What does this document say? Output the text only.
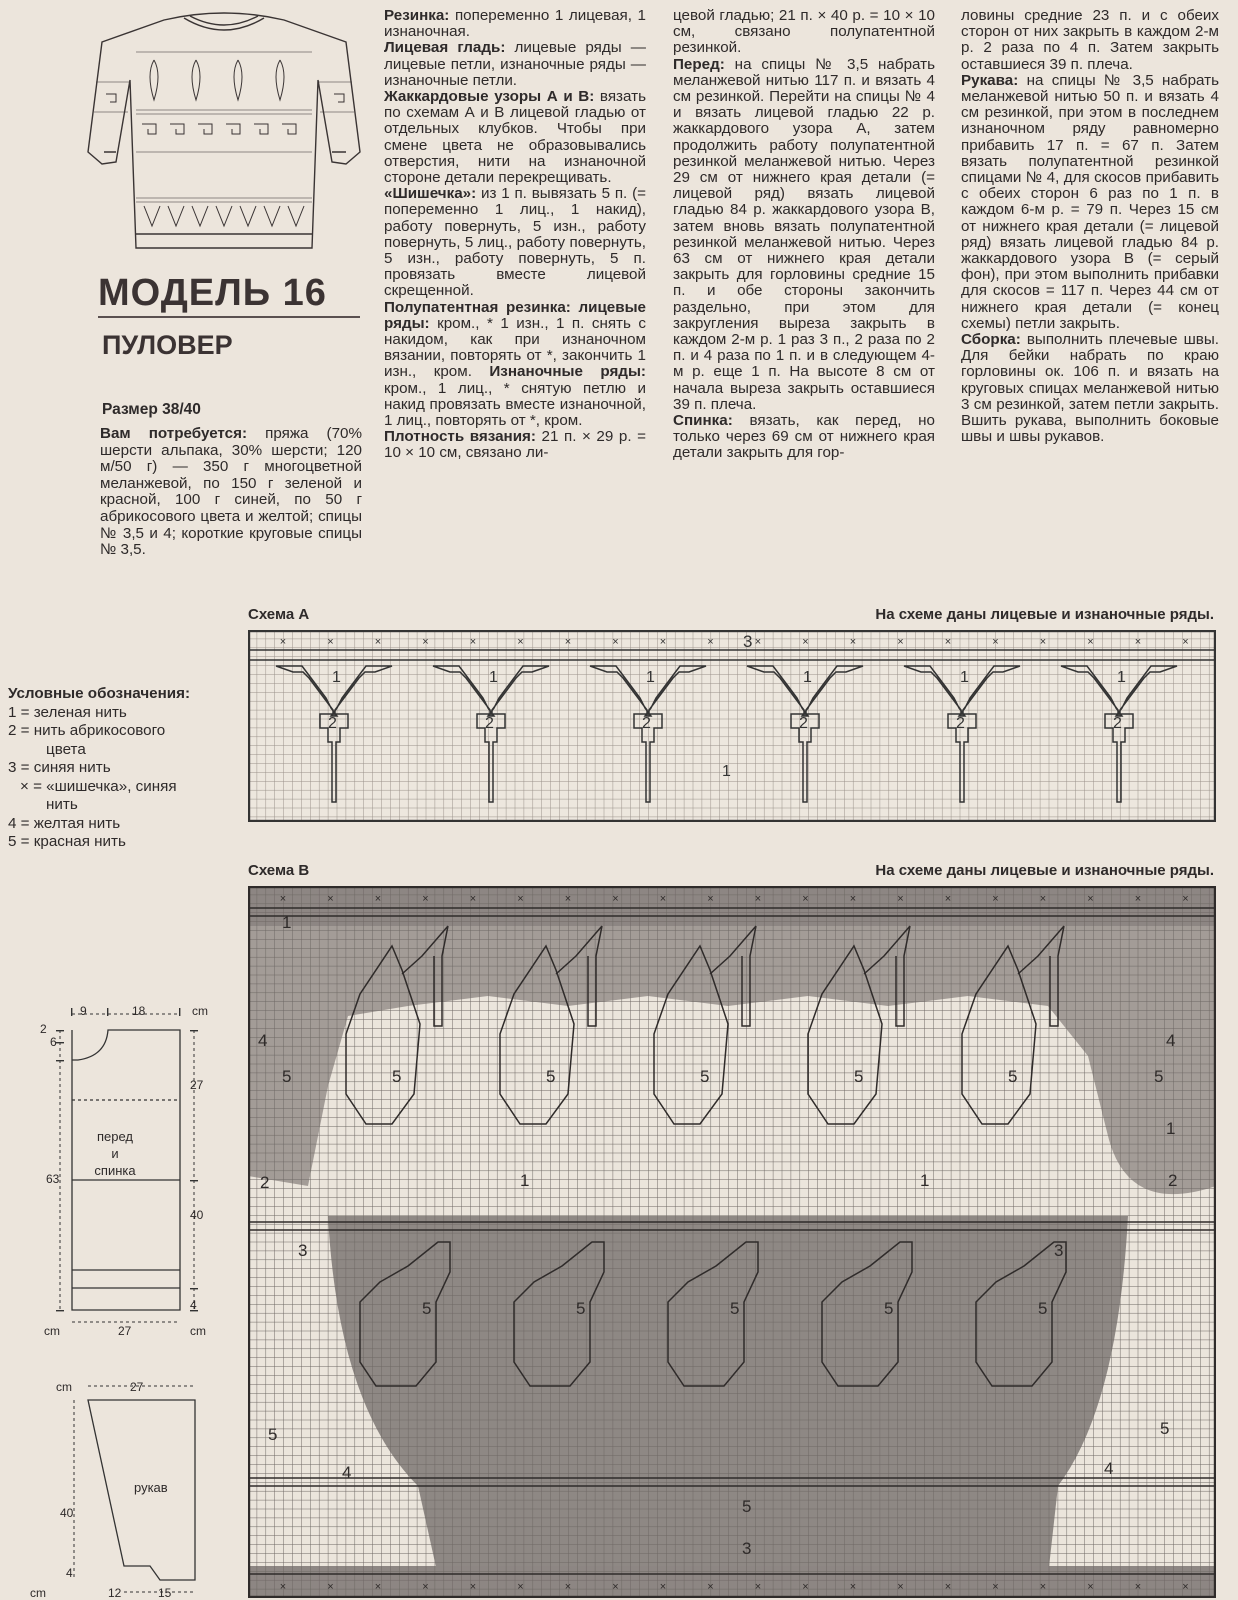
МОДЕЛЬ 16
ПУЛОВЕР
Размер 38/40

Вам потребуется: пряжа (70% шерсти альпака, 30% шерсти; 120 м/50 г) — 350 г многоцветной меланжевой, по 150 г зеленой и красной, 100 г синей, по 50 г абрикосового цвета и желтой; спицы № 3,5 и 4; короткие круговые спицы № 3,5.

Резинка: попеременно 1 лицевая, 1 изнаночная.

Лицевая гладь: лицевые ряды — лицевые петли, изнаночные ряды — изнаночные петли.

Жаккардовые узоры А и В: вязать по схемам А и В лицевой гладью от отдельных клубков. Чтобы при смене цвета не образовывались отверстия, нити на изнаночной стороне детали перекрещивать.

«Шишечка»: из 1 п. вывязать 5 п. (= попеременно 1 лиц., 1 накид), работу повернуть, 5 изн., работу повернуть, 5 лиц., работу повернуть, 5 изн., работу повернуть, 5 п. провязать вместе лицевой скрещенной.

Полупатентная резинка: лицевые ряды: кром., * 1 изн., 1 п. снять с накидом, как при изнаночном вязании, повторять от *, закончить 1 изн., кром. Изнаночные ряды: кром., 1 лиц., * снятую петлю и накид провязать вместе изнаночной, 1 лиц., повторять от *, кром.

Плотность вязания: 21 п. × 29 р. = 10 × 10 см, связано ли-

цевой гладью; 21 п. × 40 р. = 10 × 10 см, связано полупатентной резинкой.

Перед: на спицы № 3,5 набрать меланжевой нитью 117 п. и вязать 4 см резинкой. Перейти на спицы № 4 и вязать лицевой гладью 22 р. жаккардового узора А, затем продолжить работу полупатентной резинкой меланжевой нитью. Через 29 см от нижнего края детали (= лицевой ряд) вязать лицевой гладью 84 р. жаккардового узора В, затем вновь вязать полупатентной резинкой меланжевой нитью. Через 63 см от нижнего края детали закрыть для горловины средние 15 п. и обе стороны закончить раздельно, при этом для закругления выреза закрыть в каждом 2-м р. 1 раз 3 п., 2 раза по 2 п. и 4 раза по 1 п. и в следующем 4-м р. еще 1 п. На высоте 8 см от начала выреза закрыть оставшиеся 39 п. плеча.

Спинка: вязать, как перед, но только через 69 см от нижнего края детали закрыть для гор-

ловины средние 23 п. и с обеих сторон от них закрыть в каждом 2-м р. 2 раза по 4 п. Затем закрыть оставшиеся 39 п. плеча.

Рукава: на спицы № 3,5 набрать меланжевой нитью 50 п. и вязать 4 см резинкой, при этом в последнем изнаночном ряду равномерно прибавить 17 п. = 67 п. Затем вязать полупатентной резинкой спицами № 4, для скосов прибавить с обеих сторон 6 раз по 1 п. в каждом 6-м р. = 79 п. Через 15 см от нижнего края детали (= лицевой ряд) вязать лицевой гладью 84 р. жаккардового узора В (= серый фон), при этом выполнить прибавки для скосов = 117 п. Через 44 см от нижнего края детали (= конец схемы) петли закрыть.

Сборка: выполнить плечевые швы. Для бейки набрать по краю горловины ок. 106 п. и вязать на круговых спицах меланжевой нитью 3 см резинкой, затем петли закрыть. Вшить рукава, выполнить боковые швы и швы рукавов.

Условные обозначения:
1 = зеленая нить
2 = нить абрикосового
цвета
3 = синяя нить
× = «шишечка», синяя
нить
4 = желтая нить
5 = красная нить
Схема А	На схеме даны лицевые и изнаночные ряды.
×	×	×	×	×	×	×	×	×	×	×	×	×	×	×	×	×	×	×	×
3
1
2
1
2
1
2
1
2
1
2
1
2
1
Схема В	На схеме даны лицевые и изнаночные ряды.
×
×
×
×
×
×
×
×
×
×
×
×
×
×
×
×
×
×
×
×
×
×
×
×
×
×
×
×
×
×
×
×
×
×
×
×
×
×
×
×
5
5
5
5
5
5
5
5
5
5
1
4
5
2
3
5
4
5
1	1
4
5
1
2
3
5
4
3
9	18	cm
2
6
63
27
40
4
cm
cm	27
перед
и
спинка
cm	27
40
4
cm	12	15
рукав
